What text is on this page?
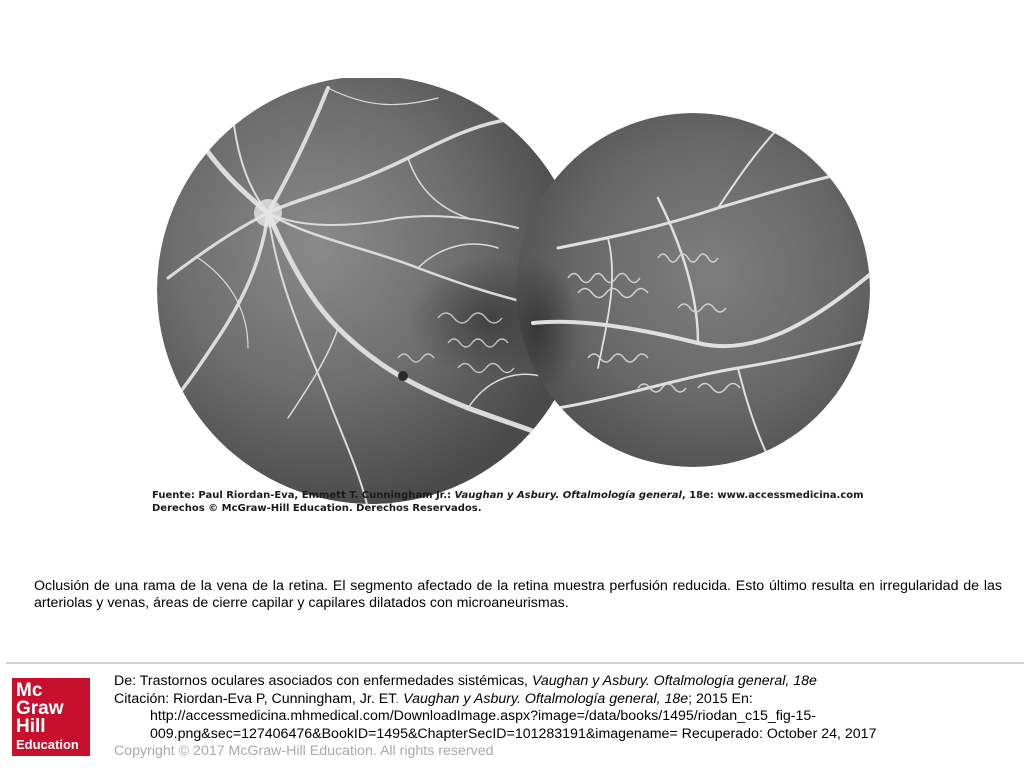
Fuente: Paul Riordan-Eva, Emmett T. Cunningham Jr.: Vaughan y Asbury. Oftalmología general, 18e: www.accessmedicina.com
Derechos © McGraw-Hill Education. Derechos Reservados.
Oclusión de una rama de la vena de la retina. El segmento afectado de la retina muestra perfusión reducida. Esto último resulta en irregularidad de las arteriolas y venas, áreas de cierre capilar y capilares dilatados con microaneurismas.
Mc
Graw
Hill
Education
De: Trastornos oculares asociados con enfermedades sistémicas, Vaughan y Asbury. Oftalmología general, 18e
Citación: Riordan-Eva P, Cunningham, Jr. ET. Vaughan y Asbury. Oftalmología general, 18e; 2015 En:
http://accessmedicina.mhmedical.com/DownloadImage.aspx?image=/data/books/1495/riodan_c15_fig-15-
009.png&sec=127406476&BookID=1495&ChapterSecID=101283191&imagename= Recuperado: October 24, 2017
Copyright © 2017 McGraw-Hill Education. All rights reserved
